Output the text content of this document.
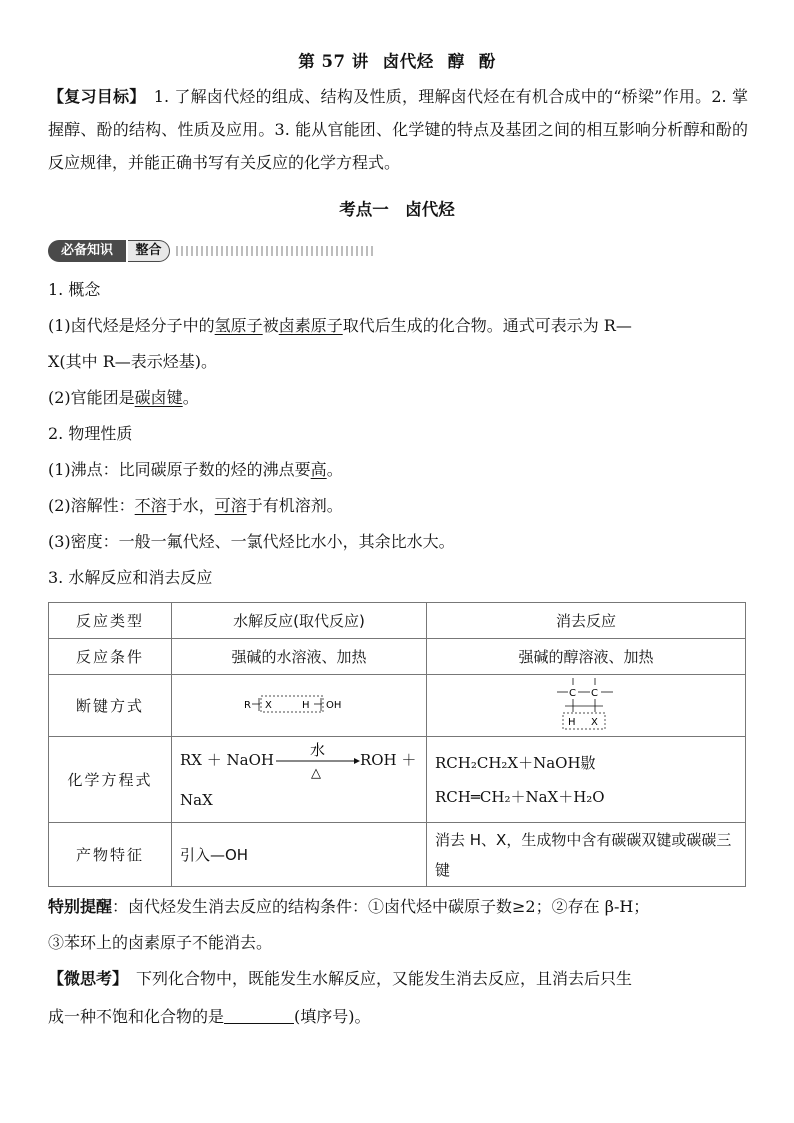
第 57 讲 卤代烃 醇 酚
【复习目标】　 1. 了解卤代烃的组成、结构及性质，理解卤代烃在有机合成中的“桥梁”作用。2. 掌握醇、酚的结构、性质及应用。3. 能从官能团、化学键的特点及基团之间的相互影响分析醇和酚的反应规律，并能正确书写有关反应的化学方程式。
考点一　卤代烃
必备知识	整合
1. 概念
(1)卤代烃是烃分子中的氢原子被卤素原子取代后生成的化合物。通式可表示为 R—
X(其中 R—表示烃基)。
(2)官能团是碳卤键。
2. 物理性质
(1)沸点：比同碳原子数的烃的沸点要高。
(2)溶解性：不溶于水，可溶于有机溶剂。
(3)密度：一般一氟代烃、一氯代烃比水小，其余比水大。
3. 水解反应和消去反应
反应类型	水解反应(取代反应)	消去反应
反应条件	强碱的水溶液、加热	强碱的醇溶液、加热
断键方式	R X H OH	C C
H X

化学方程式	RX ＋ NaOH
水
△
ROH ＋
NaX	RCH₂CH₂X＋NaOH敭
RCH═CH₂＋NaX＋H₂O
产物特征	引入—OH	消去 H、X，生成物中含有碳碳双键或碳碳三键
特别提醒：卤代烃发生消去反应的结构条件：①卤代烃中碳原子数≥2；②存在 β-H；
③苯环上的卤素原子不能消去。
【微思考】　下列化合物中，既能发生水解反应，又能发生消去反应，且消去后只生
成一种不饱和化合物的是	(填序号)。
